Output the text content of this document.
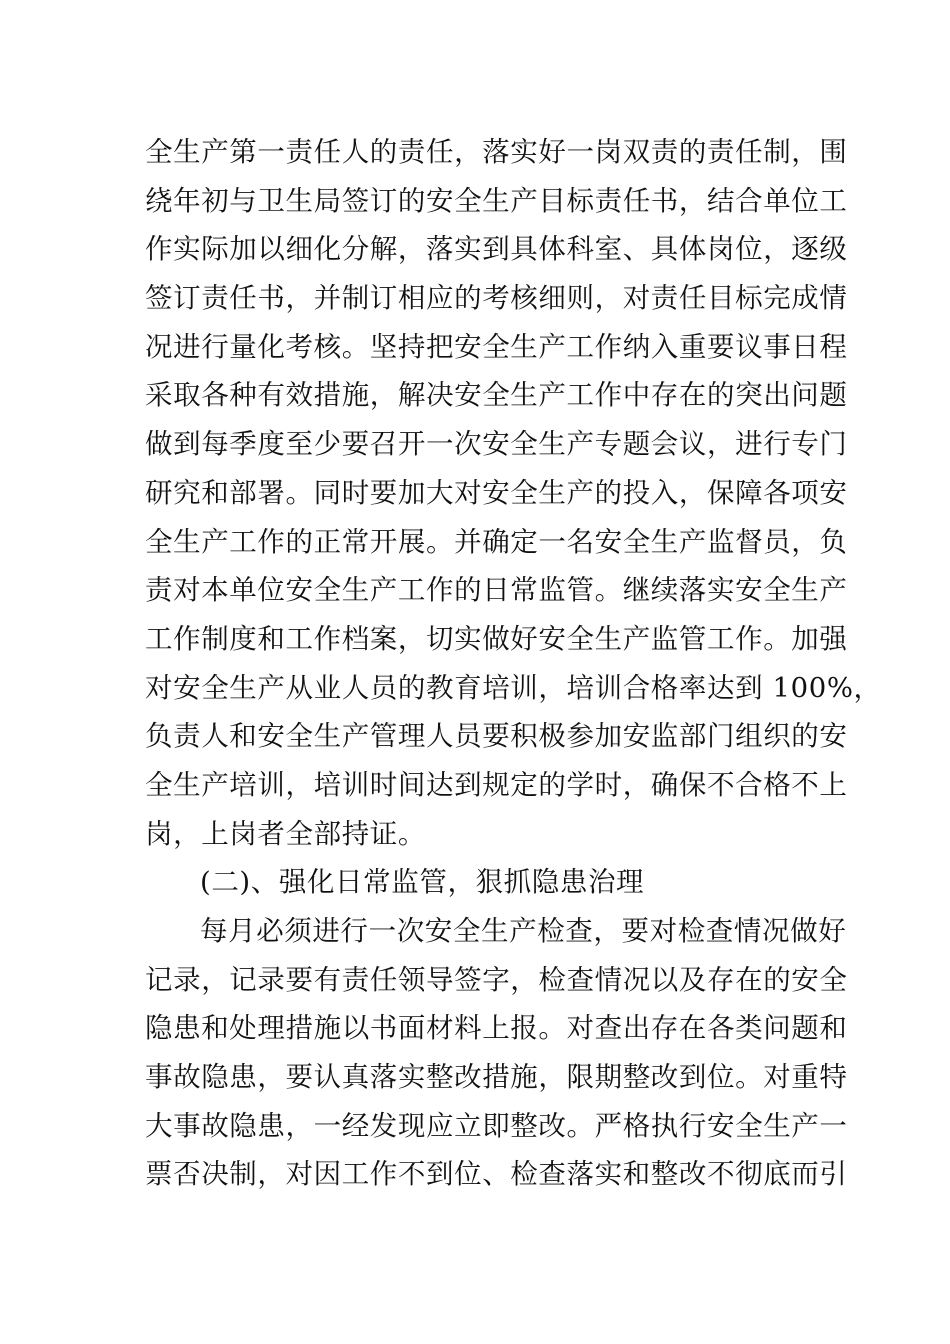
全生产第一责任人的责任，落实好一岗双责的责任制，围
绕年初与卫生局签订的安全生产目标责任书，结合单位工
作实际加以细化分解，落实到具体科室、具体岗位，逐级
签订责任书，并制订相应的考核细则，对责任目标完成情
况进行量化考核。坚持把安全生产工作纳入重要议事日程
采取各种有效措施，解决安全生产工作中存在的突出问题
做到每季度至少要召开一次安全生产专题会议，进行专门
研究和部署。同时要加大对安全生产的投入，保障各项安
全生产工作的正常开展。并确定一名安全生产监督员，负
责对本单位安全生产工作的日常监管。继续落实安全生产
工作制度和工作档案，切实做好安全生产监管工作。加强
对安全生产从业人员的教育培训，培训合格率达到 100%，
负责人和安全生产管理人员要积极参加安监部门组织的安
全生产培训，培训时间达到规定的学时，确保不合格不上
岗，上岗者全部持证。
(二)、强化日常监管，狠抓隐患治理
每月必须进行一次安全生产检查，要对检查情况做好
记录，记录要有责任领导签字，检查情况以及存在的安全
隐患和处理措施以书面材料上报。对查出存在各类问题和
事故隐患，要认真落实整改措施，限期整改到位。对重特
大事故隐患，一经发现应立即整改。严格执行安全生产一
票否决制，对因工作不到位、检查落实和整改不彻底而引
